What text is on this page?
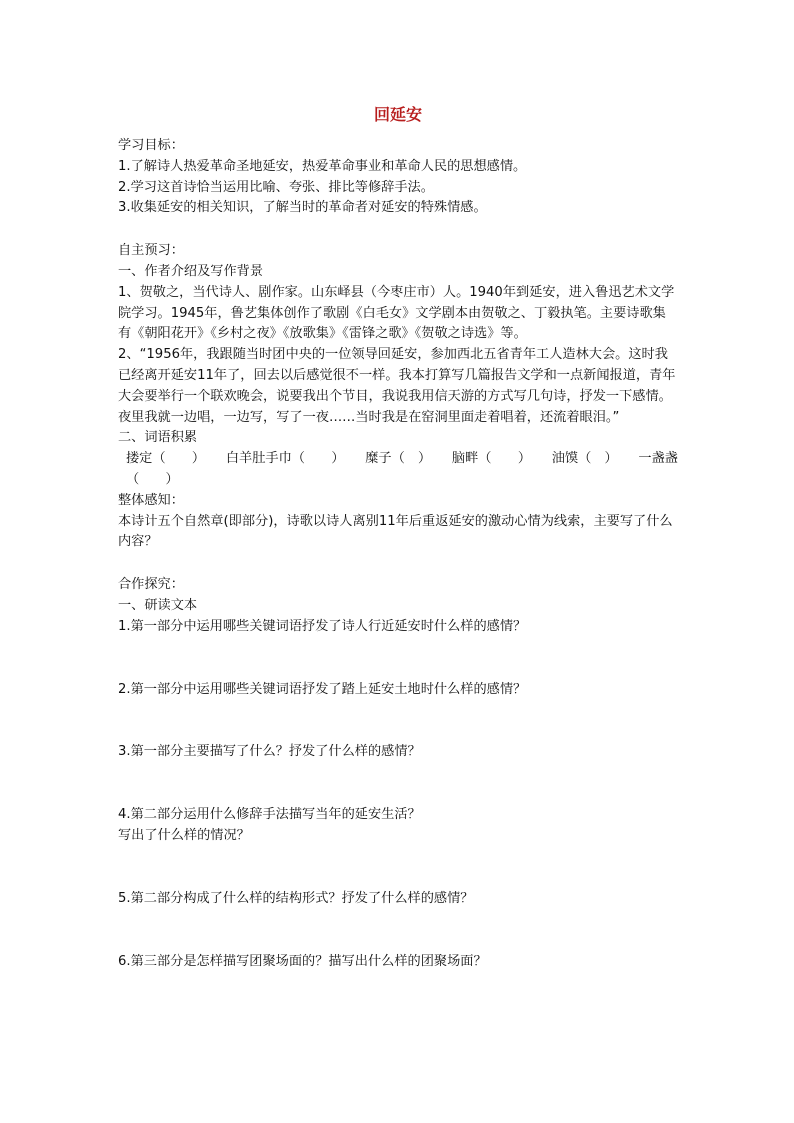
回延安
学习目标：
1.了解诗人热爱革命圣地延安，热爱革命事业和革命人民的思想感情。
2.学习这首诗恰当运用比喻、夸张、排比等修辞手法。
3.收集延安的相关知识，了解当时的革命者对延安的特殊情感。
自主预习：
一、作者介绍及写作背景
1、贺敬之，当代诗人、剧作家。山东峄县（今枣庄市）人。1940年到延安，进入鲁迅艺术文学院学习。1945年，鲁艺集体创作了歌剧《白毛女》文学剧本由贺敬之、丁毅执笔。主要诗歌集有《朝阳花开》《乡村之夜》《放歌集》《雷锋之歌》《贺敬之诗选》等。
2、“1956年，我跟随当时团中央的一位领导回延安，参加西北五省青年工人造林大会。这时我已经离开延安11年了，回去以后感觉很不一样。我本打算写几篇报告文学和一点新闻报道，青年大会要举行一个联欢晚会，说要我出个节目，我说我用信天游的方式写几句诗，抒发一下感情。夜里我就一边唱，一边写，写了一夜……当时我是在窑洞里面走着唱着，还流着眼泪。”
二、词语积累
搂定（　　） 白羊肚手巾（　　） 糜子（　） 脑畔（　　） 油馍（　） 一盏盏
（　　）
整体感知：
本诗计五个自然章(即部分)，诗歌以诗人离别11年后重返延安的激动心情为线索，主要写了什么内容？
合作探究：
一、研读文本
1.第一部分中运用哪些关键词语抒发了诗人行近延安时什么样的感情？
2.第一部分中运用哪些关键词语抒发了踏上延安土地时什么样的感情？
3.第一部分主要描写了什么？抒发了什么样的感情？
4.第二部分运用什么修辞手法描写当年的延安生活？
写出了什么样的情况？
5.第二部分构成了什么样的结构形式？抒发了什么样的感情？
6.第三部分是怎样描写团聚场面的？描写出什么样的团聚场面？
